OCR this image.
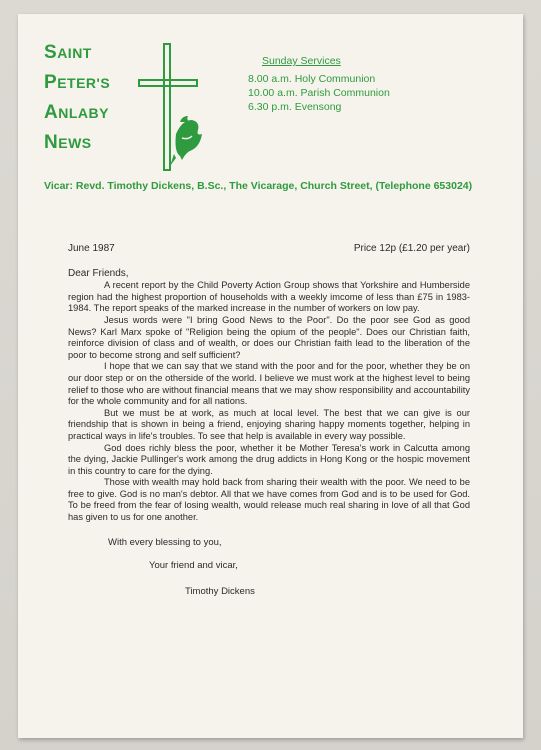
SAINT
PETER'S
ANLABY
NEWS
Sunday Services
8.00 a.m. Holy Communion
10.00 a.m. Parish Communion
6.30 p.m. Evensong
Vicar: Revd. Timothy Dickens, B.Sc., The Vicarage, Church Street, (Telephone 653024)
June 1987	Price 12p (£1.20 per year)
Dear Friends,

A recent report by the Child Poverty Action Group shows that Yorkshire and Humberside region had the highest proportion of households with a weekly imcome of less than £75 in 1983-1984. The report speaks of the marked increase in the number of workers on low pay.

Jesus words were "I bring Good News to the Poor". Do the poor see God as good News? Karl Marx spoke of "Religion being the opium of the people". Does our Christian faith, reinforce division of class and of wealth, or does our Christian faith lead to the liberation of the poor to become strong and self sufficient?

I hope that we can say that we stand with the poor and for the poor, whether they be on our door step or on the otherside of the world. I believe we must work at the highest level to being relief to those who are without financial means that we may show responsibility and accountability for the whole community and for all nations.

But we must be at work, as much at local level. The best that we can give is our friendship that is shown in being a friend, enjoying sharing happy moments together, helping in practical ways in life's troubles. To see that help is available in every way possible.

God does richly bless the poor, whether it be Mother Teresa's work in Calcutta among the dying, Jackie Pullinger's work among the drug addicts in Hong Kong or the hospic movement in this country to care for the dying.

Those with wealth may hold back from sharing their wealth with the poor. We need to be free to give. God is no man's debtor. All that we have comes from God and is to be used for God. To be freed from the fear of losing wealth, would release much real sharing in love of all that God has given to us for one another.

With every blessing to you,
Your friend and vicar,
Timothy Dickens
